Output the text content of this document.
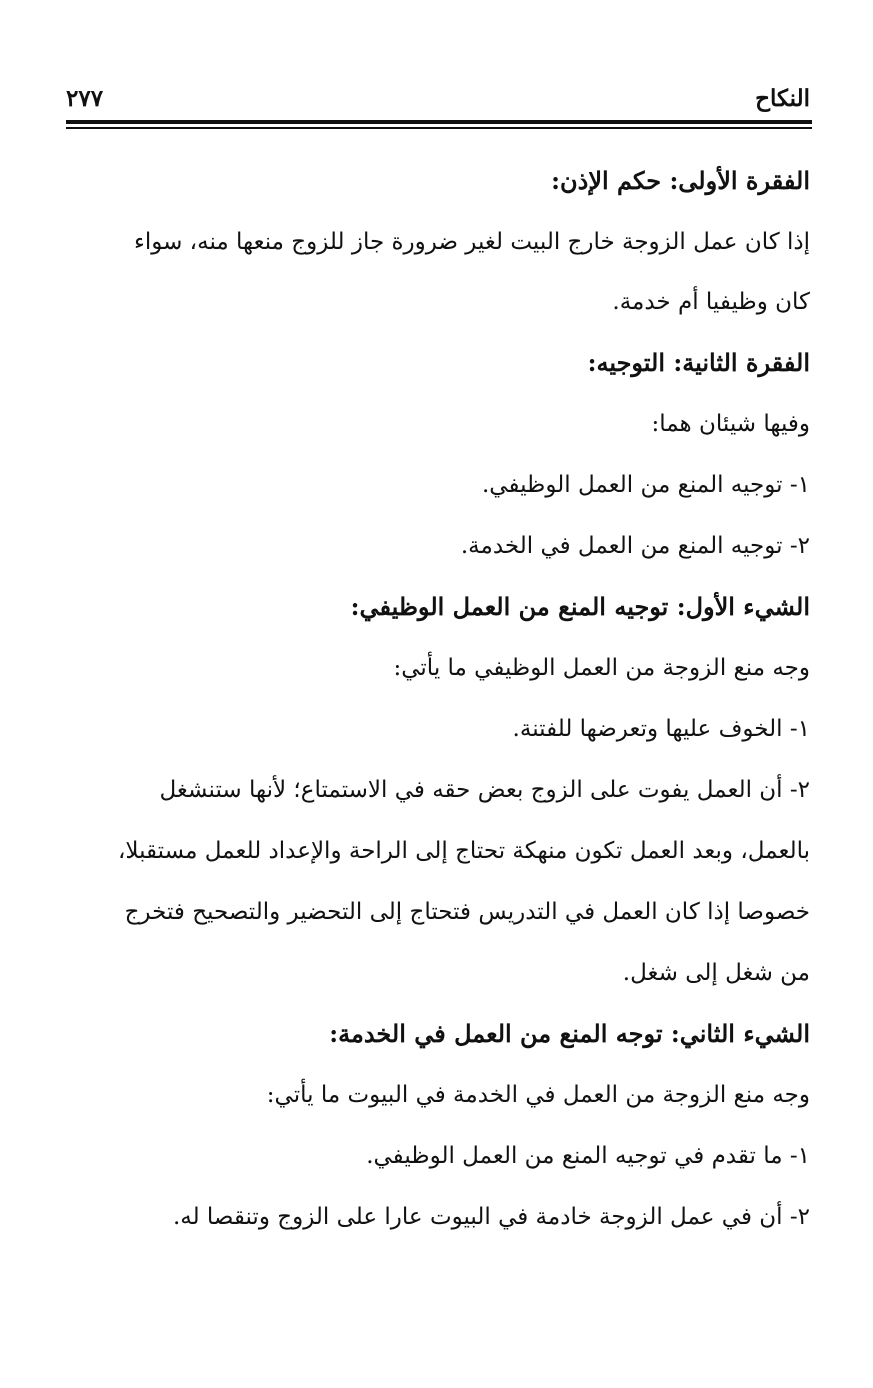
النكاح
٢٧٧
الفقرة الأولى: حكم الإذن:
إذا كان عمل الزوجة خارج البيت لغير ضرورة جاز للزوج منعها منه، سواء
كان وظيفيا أم خدمة.
الفقرة الثانية: التوجيه:
وفيها شيئان هما:
١- توجيه المنع من العمل الوظيفي.
٢- توجيه المنع من العمل في الخدمة.
الشيء الأول: توجيه المنع من العمل الوظيفي:
وجه منع الزوجة من العمل الوظيفي ما يأتي:
١- الخوف عليها وتعرضها للفتنة.
٢- أن العمل يفوت على الزوج بعض حقه في الاستمتاع؛ لأنها ستنشغل
بالعمل، وبعد العمل تكون منهكة تحتاج إلى الراحة والإعداد للعمل مستقبلا،
خصوصا إذا كان العمل في التدريس فتحتاج إلى التحضير والتصحيح فتخرج
من شغل إلى شغل.
الشيء الثاني: توجه المنع من العمل في الخدمة:
وجه منع الزوجة من العمل في الخدمة في البيوت ما يأتي:
١- ما تقدم في توجيه المنع من العمل الوظيفي.
٢- أن في عمل الزوجة خادمة في البيوت عارا على الزوج وتنقصا له.
